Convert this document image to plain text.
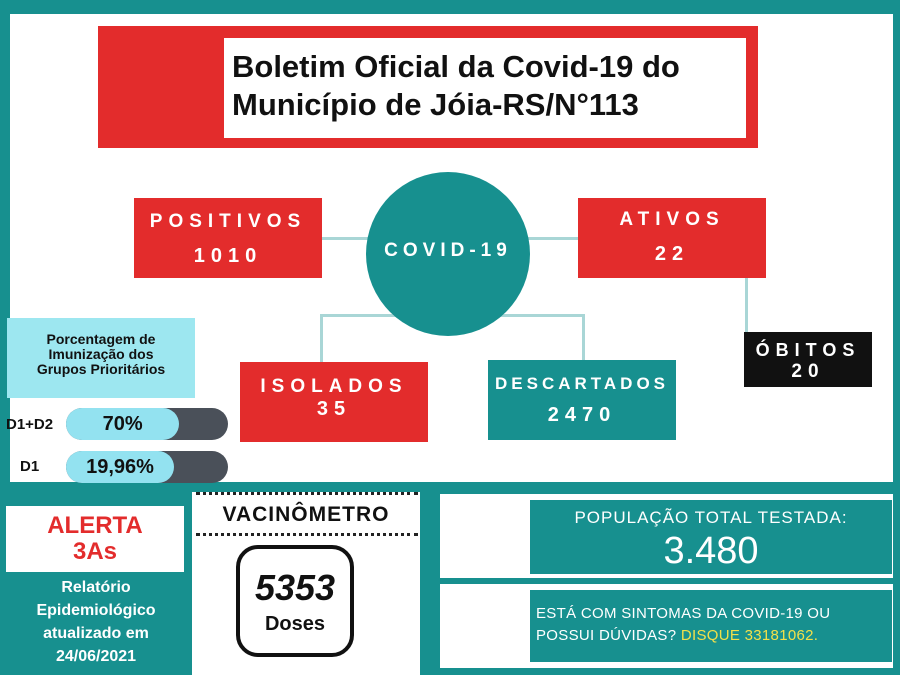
Boletim Oficial da Covid-19 do
Município de Jóia-RS/N°113
POSITIVOS
1010	COVID-19
ATIVOS
22
ÓBITOS
20
ISOLADOS
35
DESCARTADOS
2470
Porcentagem de
Imunização dos
Grupos Prioritários
D1+D2	70%
D1	19,96%
ALERTA
3As
Relatório
Epidemiológico
atualizado em
24/06/2021
VACINÔMETRO
5353
Doses
POPULAÇÃO TOTAL TESTADA:
3.480
ESTÁ COM SINTOMAS DA COVID-19 OU
POSSUI DÚVIDAS? DISQUE 33181062.
